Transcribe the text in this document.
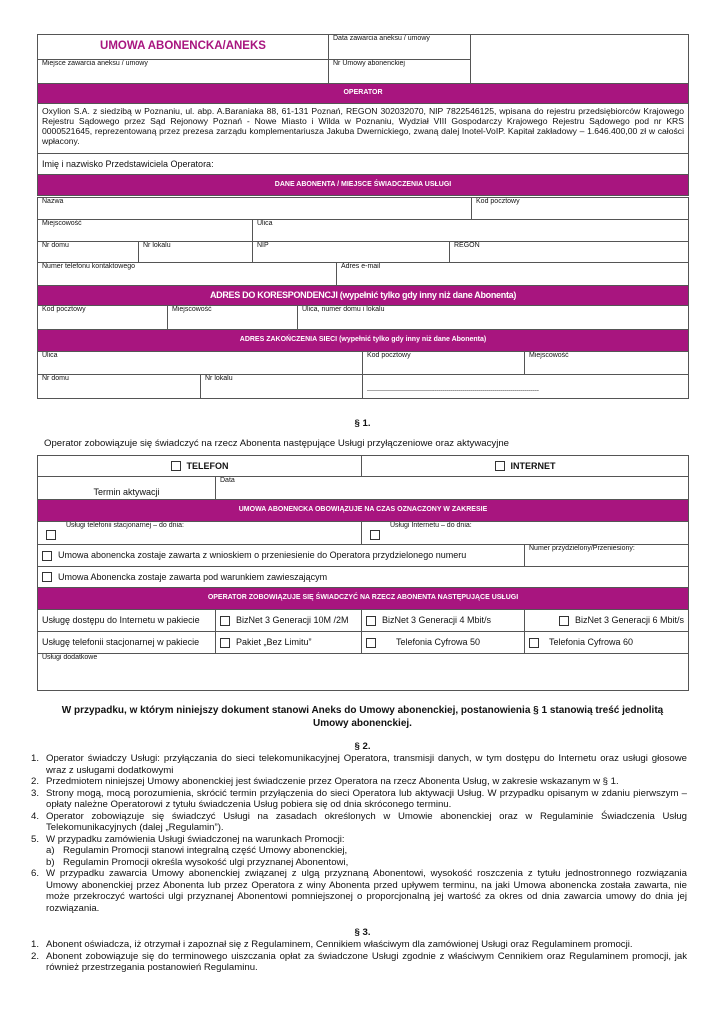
UMOWA ABONENCKA/ANEKS	Data zawarcia aneksu / umowy	
Miejsce zawarcia aneksu / umowy	Nr Umowy abonenckiej	
OPERATOR		
Oxylion S.A. z siedzibą w Poznaniu, ul. abp. A.Baraniaka 88, 61-131 Poznań, REGON 302032070, NIP 7822546125, wpisana do rejestru przedsiębiorców Krajowego Rejestru Sądowego przez Sąd Rejonowy Poznań - Nowe Miasto i Wilda w Poznaniu, Wydział VIII Gospodarczy Krajowego Rejestru Sądowego pod nr KRS 0000521645, reprezentowaną przez prezesa zarządu komplementariusza Jakuba Dwernickiego, zwaną dalej Inotel-VoIP. Kapitał zakładowy – 1.646.400,00 zł w całości wpłacony.		
Imię i nazwisko Przedstawiciela Operatora:		
DANE ABONENTA / MIEJSCE ŚWIADCZENIA USŁUGI		
Nazwa					Kod pocztowy
Miejscowość		Ulica			
Nr domu	Nr lokalu	NIP		REGON	
Numer telefonu kontaktowego			Adres e-mail		
ADRES DO KORESPONDENCJI (wypełnić tylko gdy inny niż dane Abonenta)					
Kod pocztowy	Miejscowość	Ulica, numer domu i lokalu
ADRES ZAKOŃCZENIA SIECI (wypełnić tylko gdy inny niż dane Abonenta)
Ulica		Kod pocztowy	Miejscowość
Nr domu	Nr lokalu	--------------------------------------------------------------------------------------	
§ 1.
Operator zobowiązuje się świadczyć na rzecz Abonenta następujące Usługi przyłączeniowe oraz aktywacyjne
TELEFON		INTERNET	
Termin aktywacji	Data		
UMOWA ABONENCKA OBOWIĄZUJE NA CZAS OZNACZONY W ZAKRESIE			

Usługi telefonii stacjonarnej – do dnia:		Usługi Internetu – do dnia:	
Umowa abonencka zostaje zawarta z wnioskiem o przeniesienie do Operatora przydzielonego numeru			Numer przydzielony/Przeniesiony:
Umowa Abonencka zostaje zawarta pod warunkiem zawieszającym			
OPERATOR ZOBOWIĄZUJE SIĘ ŚWIADCZYĆ NA RZECZ ABONENTA NASTĘPUJĄCE USŁUGI			
Usługę dostępu do Internetu w pakiecie	BizNet 3 Generacji 10M /2M	BizNet 3 Generacji 4 Mbit/s	BizNet 3 Generacji 6 Mbit/s
Usługę telefonii stacjonarnej w pakiecie	Pakiet „Bez Limitu”	Telefonia Cyfrowa 50	Telefonia Cyfrowa 60
Usługi dodatkowe			
W przypadku, w którym niniejszy dokument stanowi Aneks do Umowy abonenckiej, postanowienia § 1 stanowią treść jednolitą Umowy abonenckiej.
§ 2.
1. Operator świadczy Usługi: przyłączania do sieci telekomunikacyjnej Operatora, transmisji danych, w tym dostępu do Internetu oraz usługi głosowe wraz z usługami dodatkowymi
2. Przedmiotem niniejszej Umowy abonenckiej jest świadczenie przez Operatora na rzecz Abonenta Usług, w zakresie wskazanym w § 1.
3. Strony mogą, mocą porozumienia, skrócić termin przyłączenia do sieci Operatora lub aktywacji Usług. W przypadku opisanym w zdaniu pierwszym – opłaty należne Operatorowi z tytułu świadczenia Usług pobiera się od dnia skróconego terminu.
4. Operator zobowiązuje się świadczyć Usługi na zasadach określonych w Umowie abonenckiej oraz w Regulaminie Świadczenia Usług Telekomunikacyjnych (dalej „Regulamin”).
5. W przypadku zamówienia Usługi świadczonej na warunkach Promocji:
a) Regulamin Promocji stanowi integralną część Umowy abonenckiej,
b) Regulamin Promocji określa wysokość ulgi przyznanej Abonentowi,
6. W przypadku zawarcia Umowy abonenckiej związanej z ulgą przyznaną Abonentowi, wysokość roszczenia z tytułu jednostronnego rozwiązania Umowy abonenckiej przez Abonenta lub przez Operatora z winy Abonenta przed upływem terminu, na jaki Umowa abonencka została zawarta, nie może przekroczyć wartości ulgi przyznanej Abonentowi pomniejszonej o proporcjonalną jej wartość za okres od dnia zawarcia umowy do dnia jej rozwiązania.
§ 3.
1. Abonent oświadcza, iż otrzymał i zapoznał się z Regulaminem, Cennikiem właściwym dla zamówionej Usługi oraz Regulaminem promocji.
2. Abonent zobowiązuje się do terminowego uiszczania opłat za świadczone Usługi zgodnie z właściwym Cennikiem oraz Regulaminem promocji, jak również przestrzegania postanowień Regulaminu.
